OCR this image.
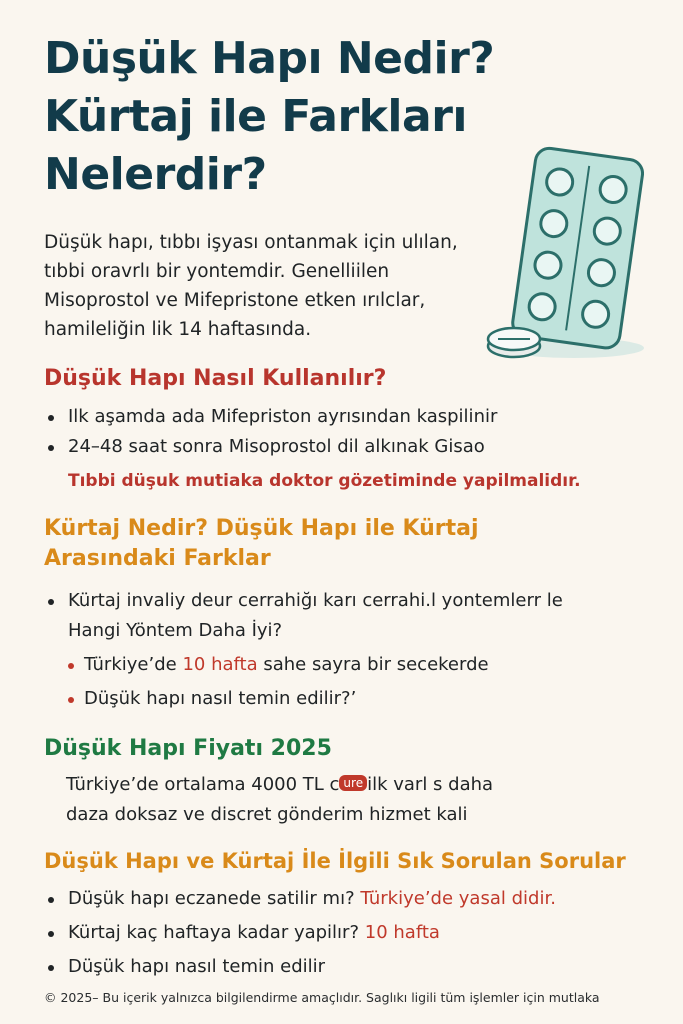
Düşük Hapı Nedir?
Kürtaj ile Farkları
Nelerdir?
Düşük hapı, tıbbı işyası ontanmak için ulılan,
tıbbi oravrlı bir yontemdir. Genelliilen
Misoprostol ve Mifepristone etken ırılclar,
hamileliğin lik 14 haftasında.
Düşük Hapı Nasıl Kullanılır?
Ilk aşamda ada Mifepriston ayrısından kaspilinir
24–48 saat sonra Misoprostol dil alkınak Gisao
Tıbbi düşuk mutiaka doktor gözetiminde yapilmalidır.
Kürtaj Nedir? Düşük Hapı ile Kürtaj
Arasındaki Farklar
Kürtaj invaliy deur cerrahiğı karı cerrahi.l yontemlerr le
Hangi Yöntem Daha İyi?
Türkiye’de 10 hafta sahe sayra bir secekerde
Düşük hapı nasıl temin edilir?’
Düşük Hapı Fiyatı 2025
Türkiye’de ortalama 4000 TL c ure ilk varl s daha
daza doksaz ve discret gönderim hizmet kali
Düşük Hapı ve Kürtaj İle İlgili Sık Sorulan Sorular
Düşük hapı eczanede satilir mı? Türkiye’de yasal didir.
Kürtaj kaç haftaya kadar yapilır? 10 hafta
Düşük hapı nasıl temin edilir
© 2025– Bu içerik yalnızca bilgilendirme amaçlıdır. Saglıkı ligili tüm işlemler için mutlaka
